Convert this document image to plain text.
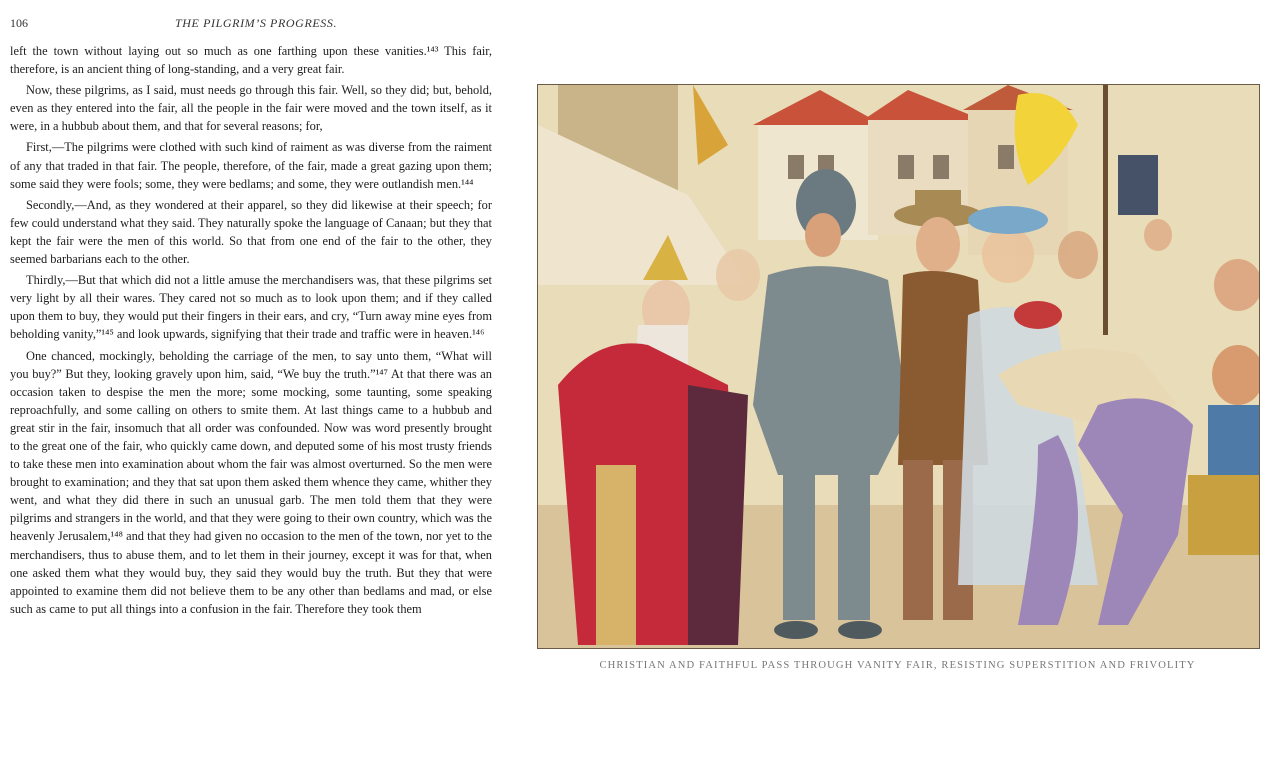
106	THE PILGRIM’S PROGRESS.

left the town without laying out so much as one farthing upon these vanities.¹⁴³ This fair, therefore, is an ancient thing of long-standing, and a very great fair.

Now, these pilgrims, as I said, must needs go through this fair. Well, so they did; but, behold, even as they entered into the fair, all the people in the fair were moved and the town itself, as it were, in a hubbub about them, and that for several reasons; for,

First,—The pilgrims were clothed with such kind of raiment as was diverse from the raiment of any that traded in that fair. The people, therefore, of the fair, made a great gazing upon them; some said they were fools; some, they were bedlams; and some, they were outlandish men.¹⁴⁴

Secondly,—And, as they wondered at their apparel, so they did likewise at their speech; for few could understand what they said. They naturally spoke the language of Canaan; but they that kept the fair were the men of this world. So that from one end of the fair to the other, they seemed barbarians each to the other.

Thirdly,—But that which did not a little amuse the merchandisers was, that these pilgrims set very light by all their wares. They cared not so much as to look upon them; and if they called upon them to buy, they would put their fingers in their ears, and cry, “Turn away mine eyes from beholding vanity,”¹⁴⁵ and look upwards, signifying that their trade and traffic were in heaven.¹⁴⁶

One chanced, mockingly, beholding the carriage of the men, to say unto them, “What will you buy?” But they, looking gravely upon him, said, “We buy the truth.”¹⁴⁷ At that there was an occasion taken to despise the men the more; some mocking, some taunting, some speaking reproachfully, and some calling on others to smite them. At last things came to a hubbub and great stir in the fair, insomuch that all order was confounded. Now was word presently brought to the great one of the fair, who quickly came down, and deputed some of his most trusty friends to take these men into examination about whom the fair was almost overturned. So the men were brought to examination; and they that sat upon them asked them whence they came, whither they went, and what they did there in such an unusual garb. The men told them that they were pilgrims and strangers in the world, and that they were going to their own country, which was the heavenly Jerusalem,¹⁴⁸ and that they had given no occasion to the men of the town, nor yet to the merchandisers, thus to abuse them, and to let them in their journey, except it was for that, when one asked them what they would buy, they said they would buy the truth. But they that were appointed to examine them did not believe them to be any other than bedlams and mad, or else such as came to put all things into a confusion in the fair. Therefore they took them

CHRISTIAN AND FAITHFUL PASS THROUGH VANITY FAIR, RESISTING SUPERSTITION AND FRIVOLITY
